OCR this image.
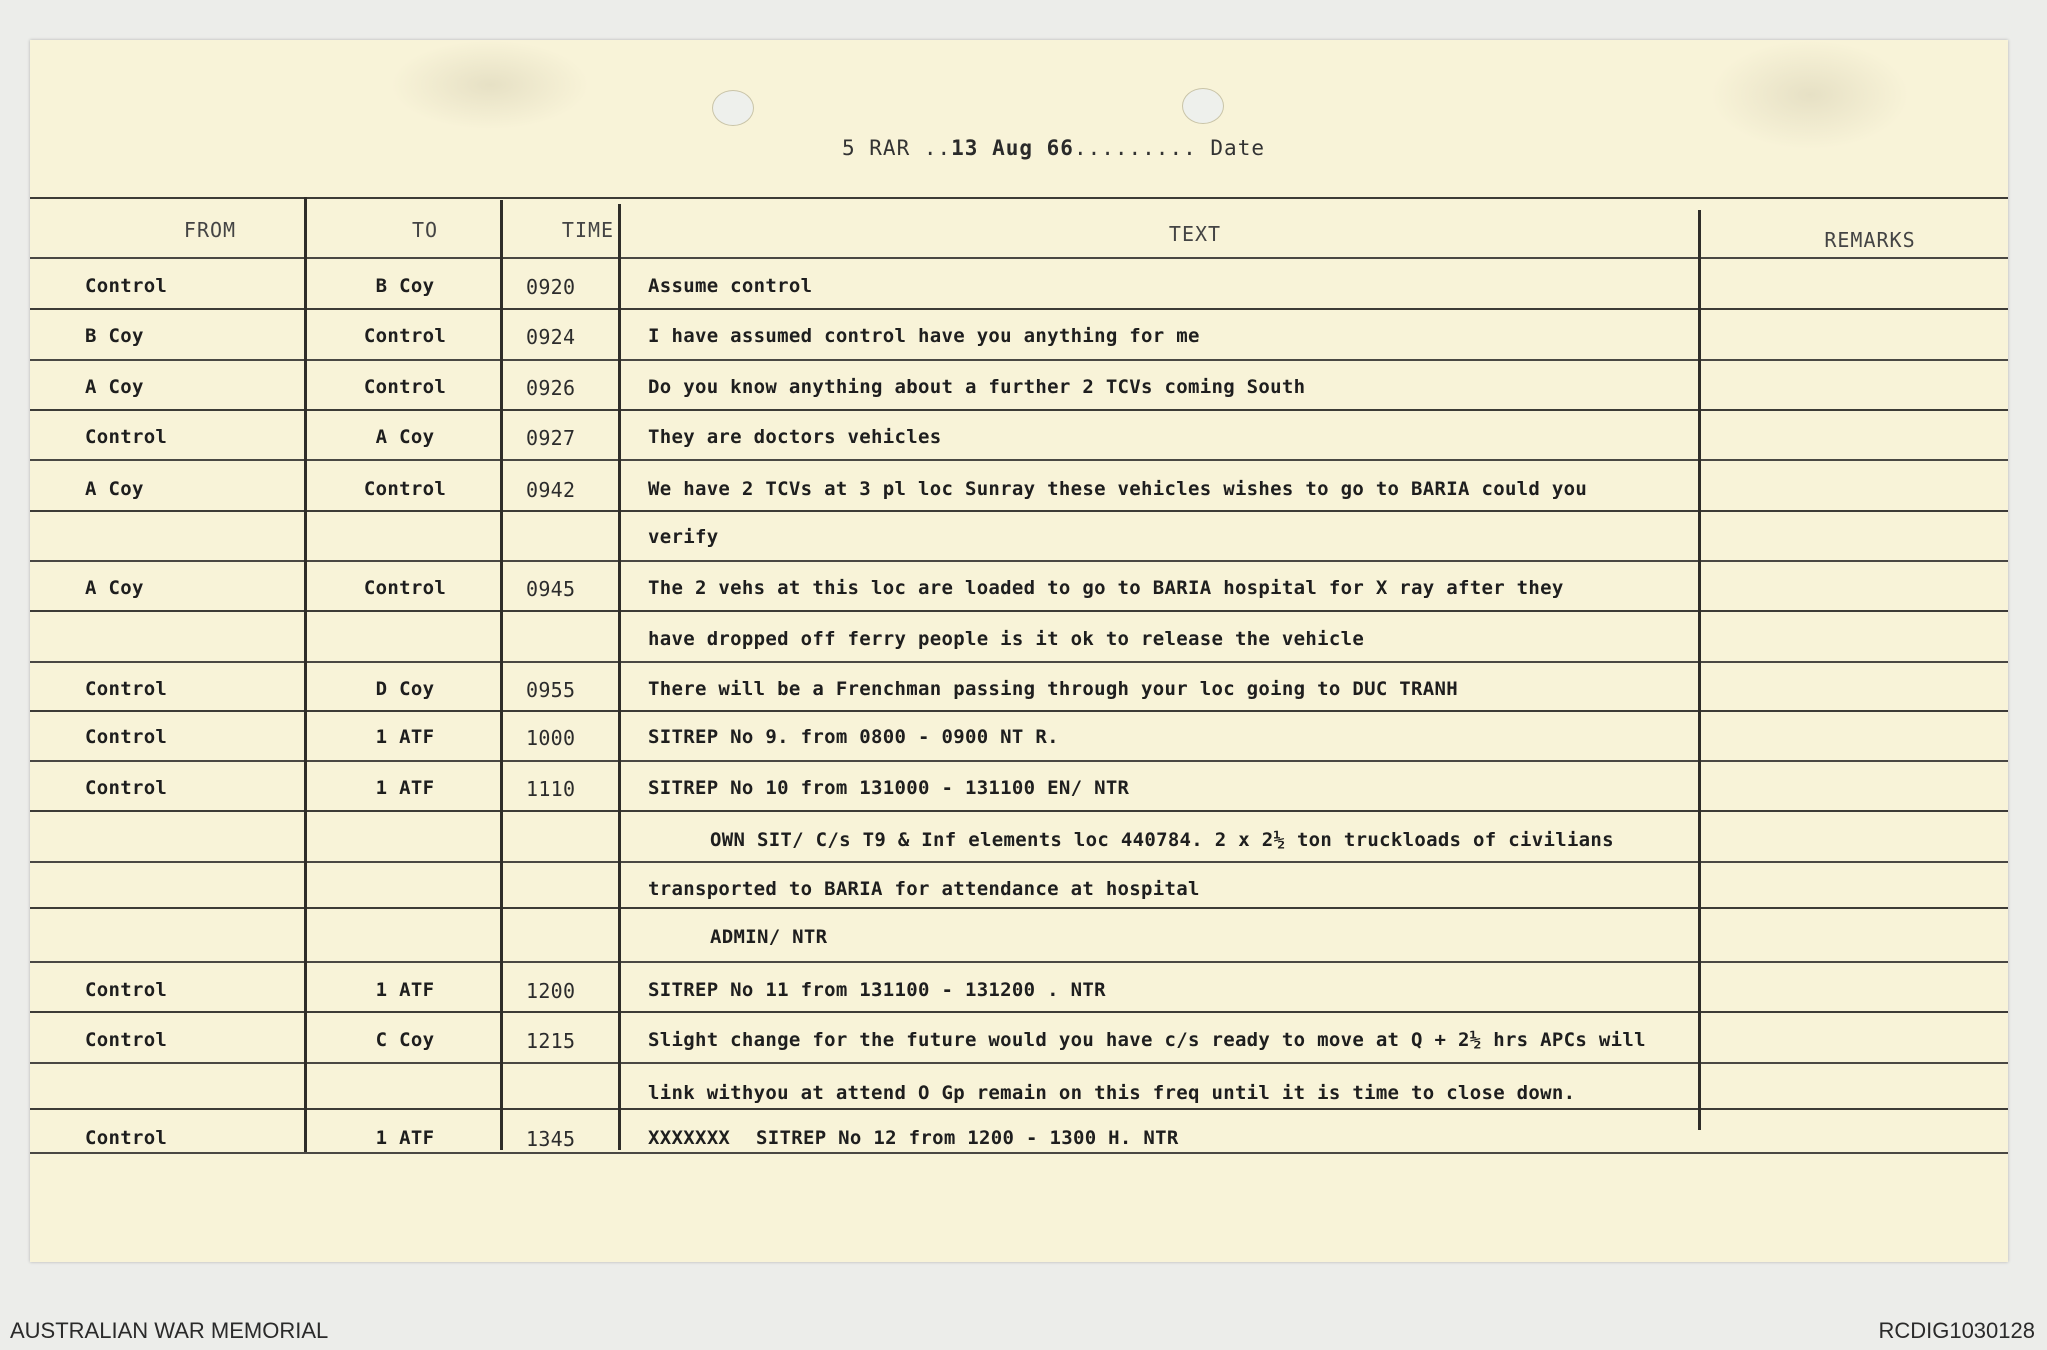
5 RAR ..13 Aug 66......... Date
FROM	TO	TIME	TEXT	REMARKS
Control	B Coy	0920	Assume control
B Coy	Control	0924	I have assumed control have you anything for me
A Coy	Control	0926	Do you know anything about a further 2 TCVs coming South
Control	A Coy	0927	They are doctors vehicles
A Coy	Control	0942	We have 2 TCVs at 3 pl loc Sunray these vehicles wishes to go to BARIA could you
verify
A Coy	Control	0945	The 2 vehs at this loc are loaded to go to BARIA hospital for X ray after they
have dropped off ferry people is it ok to release the vehicle
Control	D Coy	0955	There will be a Frenchman passing through your loc going to DUC TRANH
Control	1 ATF	1000	SITREP No 9. from 0800 - 0900 NT R.
Control	1 ATF	1110	SITREP No 10 from 131000 - 131100 EN/ NTR
OWN SIT/ C/s T9 & Inf elements loc 440784. 2 x 2½ ton truckloads of civilians
transported to BARIA for attendance at hospital
ADMIN/ NTR
Control	1 ATF	1200	SITREP No 11 from 131100 - 131200 . NTR
Control	C Coy	1215	Slight change for the future would you have c/s ready to move at Q + 2½ hrs APCs will
link withyou at attend O Gp remain on this freq until it is time to close down.
Control	1 ATF	1345	XXXXXXX SITREP No 12 from 1200 - 1300 H. NTR
AUSTRALIAN WAR MEMORIAL	RCDIG1030128
